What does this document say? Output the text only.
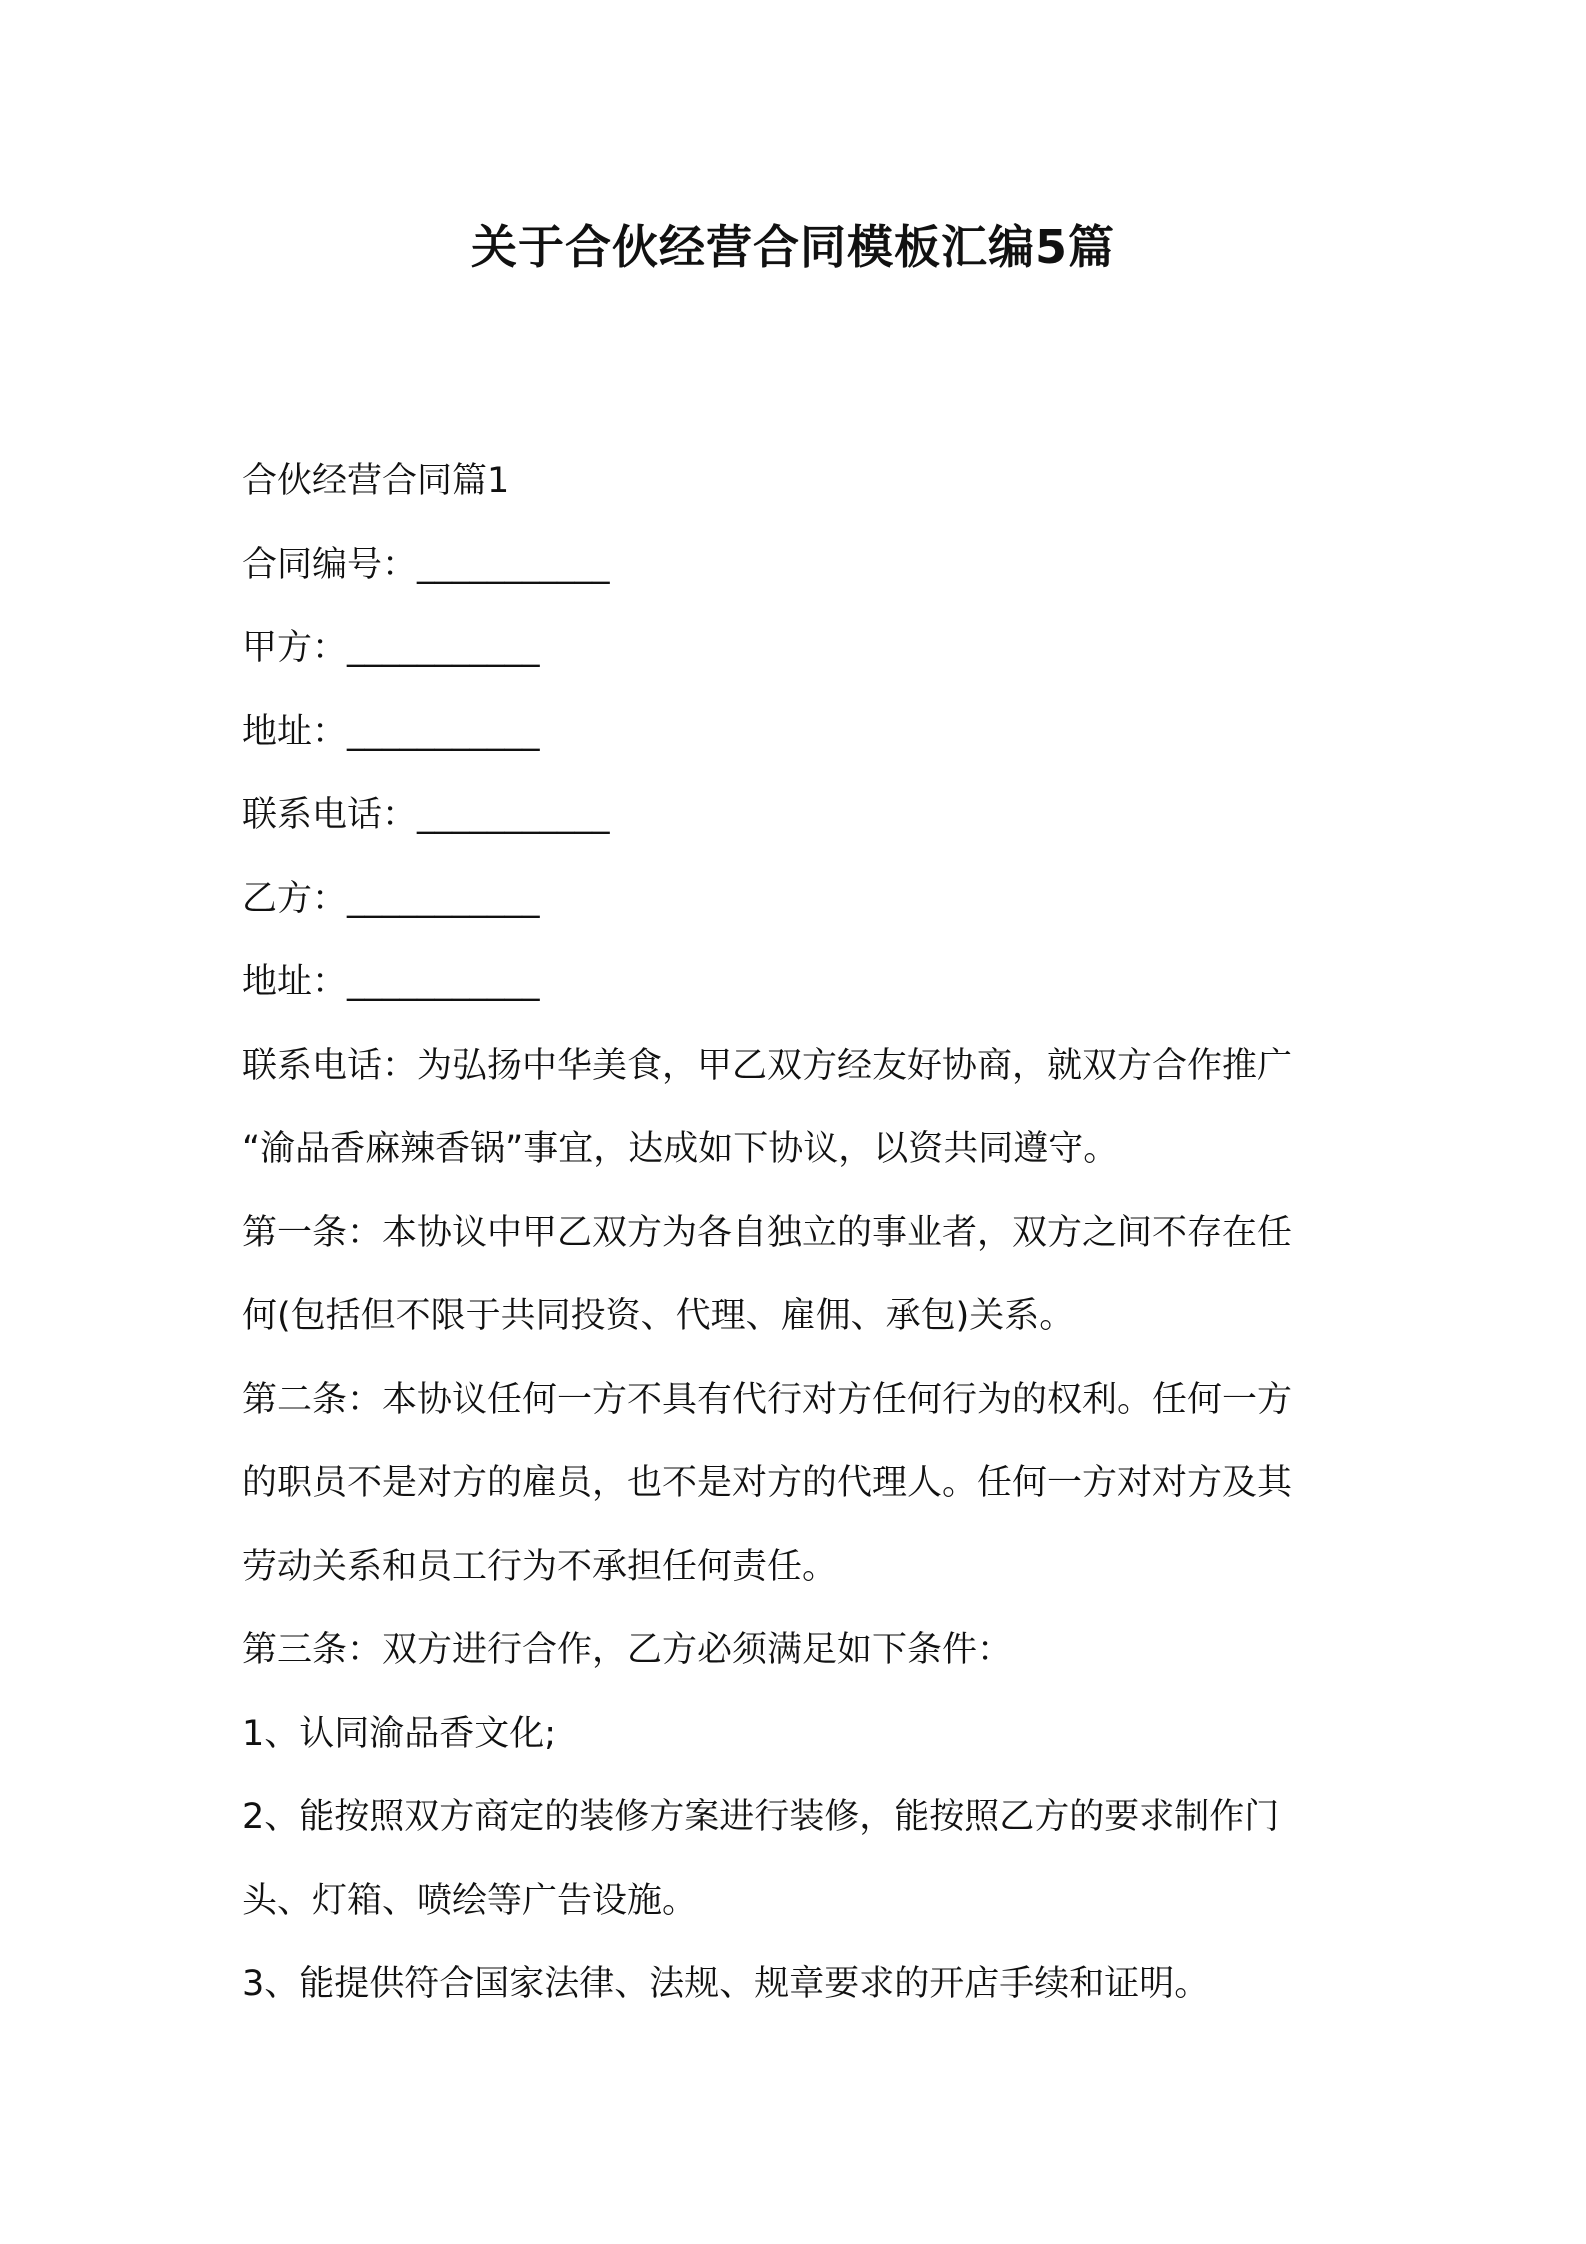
关于合伙经营合同模板汇编5篇

合伙经营合同篇1

合同编号：___________

甲方：___________

地址：___________

联系电话：___________

乙方：___________

地址：___________

联系电话：为弘扬中华美食，甲乙双方经友好协商，就双方合作推广

“渝品香麻辣香锅”事宜，达成如下协议，以资共同遵守。

第一条：本协议中甲乙双方为各自独立的事业者，双方之间不存在任

何(包括但不限于共同投资、代理、雇佣、承包)关系。

第二条：本协议任何一方不具有代行对方任何行为的权利。任何一方

的职员不是对方的雇员，也不是对方的代理人。任何一方对对方及其

劳动关系和员工行为不承担任何责任。

第三条：双方进行合作，乙方必须满足如下条件：

1、认同渝品香文化;

2、能按照双方商定的装修方案进行装修，能按照乙方的要求制作门

头、灯箱、喷绘等广告设施。

3、能提供符合国家法律、法规、规章要求的开店手续和证明。
